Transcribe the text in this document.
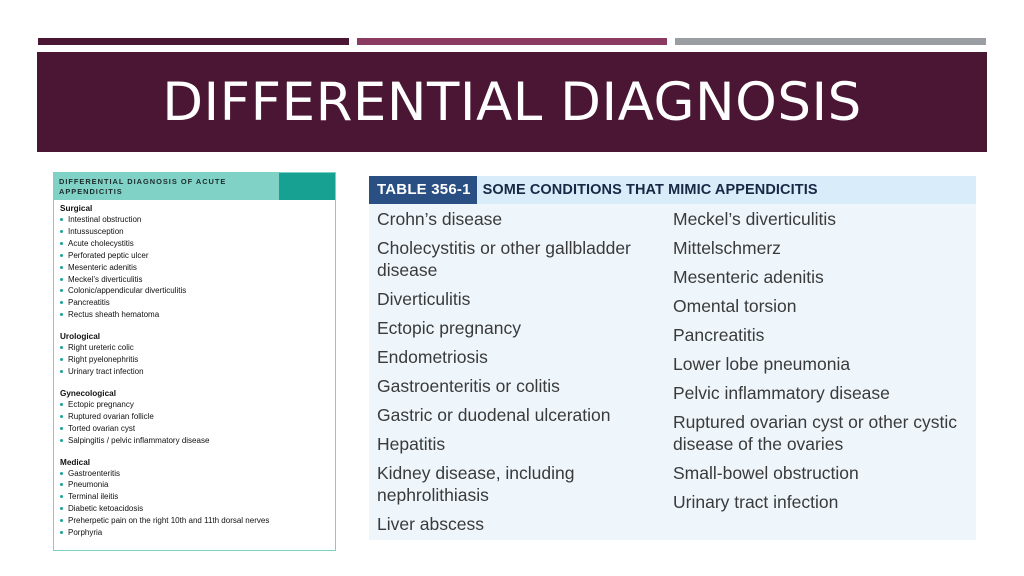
DIFFERENTIAL DIAGNOSIS
DIFFERENTIAL DIAGNOSIS OF ACUTE APPENDICITIS
Surgical
Intestinal obstruction
Intussusception
Acute cholecystitis
Perforated peptic ulcer
Mesenteric adenitis
Meckel’s diverticulitis
Colonic/appendicular diverticulitis
Pancreatitis
Rectus sheath hematoma
Urological
Right ureteric colic
Right pyelonephritis
Urinary tract infection
Gynecological
Ectopic pregnancy
Ruptured ovarian follicle
Torted ovarian cyst
Salpingitis / pelvic inflammatory disease
Medical
Gastroenteritis
Pneumonia
Terminal ileitis
Diabetic ketoacidosis
Preherpetic pain on the right 10th and 11th dorsal nerves
Porphyria
TABLE 356-1 SOME CONDITIONS THAT MIMIC APPENDICITIS
Crohn’s disease
Cholecystitis or other gallbladder disease
Diverticulitis
Ectopic pregnancy
Endometriosis
Gastroenteritis or colitis
Gastric or duodenal ulceration
Hepatitis
Kidney disease, including nephrolithiasis
Liver abscess
Meckel’s diverticulitis
Mittelschmerz
Mesenteric adenitis
Omental torsion
Pancreatitis
Lower lobe pneumonia
Pelvic inflammatory disease
Ruptured ovarian cyst or other cystic disease of the ovaries
Small-bowel obstruction
Urinary tract infection
